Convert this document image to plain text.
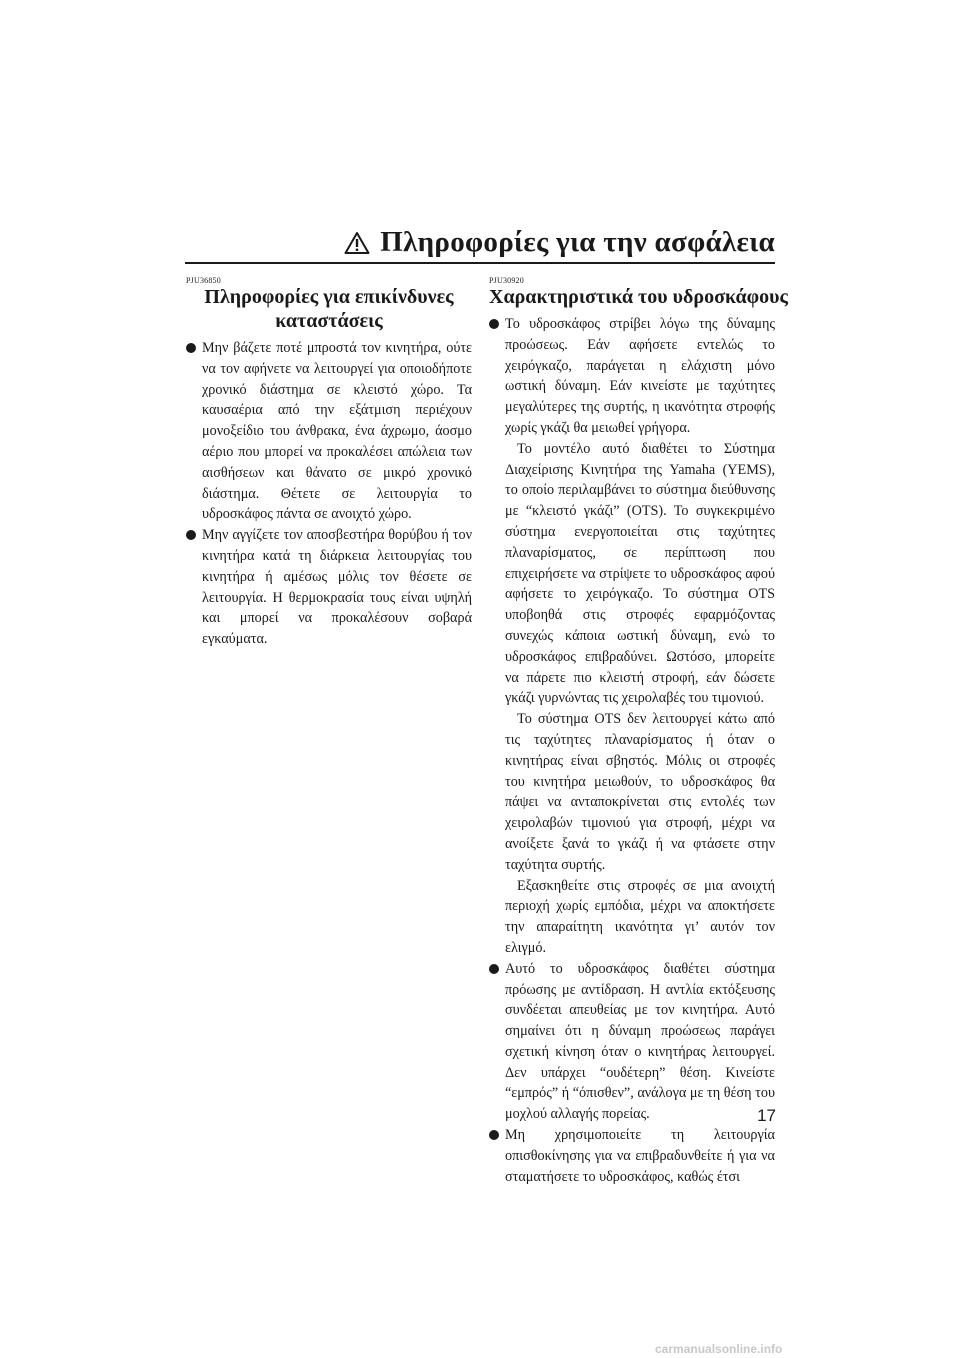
Πληροφορίες για την ασφάλεια
PJU36850
Πληροφορίες για επικίνδυνες καταστάσεις

Μην βάζετε ποτέ μπροστά τον κινητήρα, ούτε να τον αφήνετε να λειτουργεί για οποιοδήποτε χρονικό διάστημα σε κλειστό χώρο. Τα καυσαέρια από την εξάτμιση περιέχουν μονοξείδιο του άνθρακα, ένα άχρωμο, άοσμο αέριο που μπορεί να προκαλέσει απώλεια των αισθήσεων και θάνατο σε μικρό χρονικό διάστημα. Θέτετε σε λειτουργία το υδροσκάφος πάντα σε ανοιχτό χώρο.

Μην αγγίζετε τον αποσβεστήρα θορύβου ή τον κινητήρα κατά τη διάρκεια λειτουργίας του κινητήρα ή αμέσως μόλις τον θέσετε σε λειτουργία. Η θερμοκρασία τους είναι υψηλή και μπορεί να προκαλέσουν σοβαρά εγκαύματα.

PJU30920
Χαρακτηριστικά του υδροσκάφους

Το υδροσκάφος στρίβει λόγω της δύναμης προώσεως. Εάν αφήσετε εντελώς το χειρόγκαζο, παράγεται η ελάχιστη μόνο ωστική δύναμη. Εάν κινείστε με ταχύτητες μεγαλύτερες της συρτής, η ικανότητα στροφής χωρίς γκάζι θα μειωθεί γρήγορα.

Το μοντέλο αυτό διαθέτει το Σύστημα Διαχείρισης Κινητήρα της Yamaha (YEMS), το οποίο περιλαμβάνει το σύστημα διεύθυνσης με “κλειστό γκάζι” (OTS). Το συγκεκριμένο σύστημα ενεργοποιείται στις ταχύτητες πλαναρίσματος, σε περίπτωση που επιχειρήσετε να στρίψετε το υδροσκάφος αφού αφήσετε το χειρόγκαζο. Το σύστημα OTS υποβοηθά στις στροφές εφαρμόζοντας συνεχώς κάποια ωστική δύναμη, ενώ το υδροσκάφος επιβραδύνει. Ωστόσο, μπορείτε να πάρετε πιο κλειστή στροφή, εάν δώσετε γκάζι γυρνώντας τις χειρολαβές του τιμονιού.

Το σύστημα OTS δεν λειτουργεί κάτω από τις ταχύτητες πλαναρίσματος ή όταν ο κινητήρας είναι σβηστός. Μόλις οι στροφές του κινητήρα μειωθούν, το υδροσκάφος θα πάψει να ανταποκρίνεται στις εντολές των χειρολαβών τιμονιού για στροφή, μέχρι να ανοίξετε ξανά το γκάζι ή να φτάσετε στην ταχύτητα συρτής.

Εξασκηθείτε στις στροφές σε μια ανοιχτή περιοχή χωρίς εμπόδια, μέχρι να αποκτήσετε την απαραίτητη ικανότητα γι’ αυτόν τον ελιγμό.

Αυτό το υδροσκάφος διαθέτει σύστημα πρόωσης με αντίδραση. Η αντλία εκτόξευσης συνδέεται απευθείας με τον κινητήρα. Αυτό σημαίνει ότι η δύναμη προώσεως παράγει σχετική κίνηση όταν ο κινητήρας λειτουργεί. Δεν υπάρχει “ουδέτερη” θέση. Κινείστε “εμπρός” ή “όπισθεν”, ανάλογα με τη θέση του μοχλού αλλαγής πορείας.

Μη χρησιμοποιείτε τη λειτουργία οπισθοκίνησης για να επιβραδυνθείτε ή για να σταματήσετε το υδροσκάφος, καθώς έτσι

17
carmanualsonline.info
